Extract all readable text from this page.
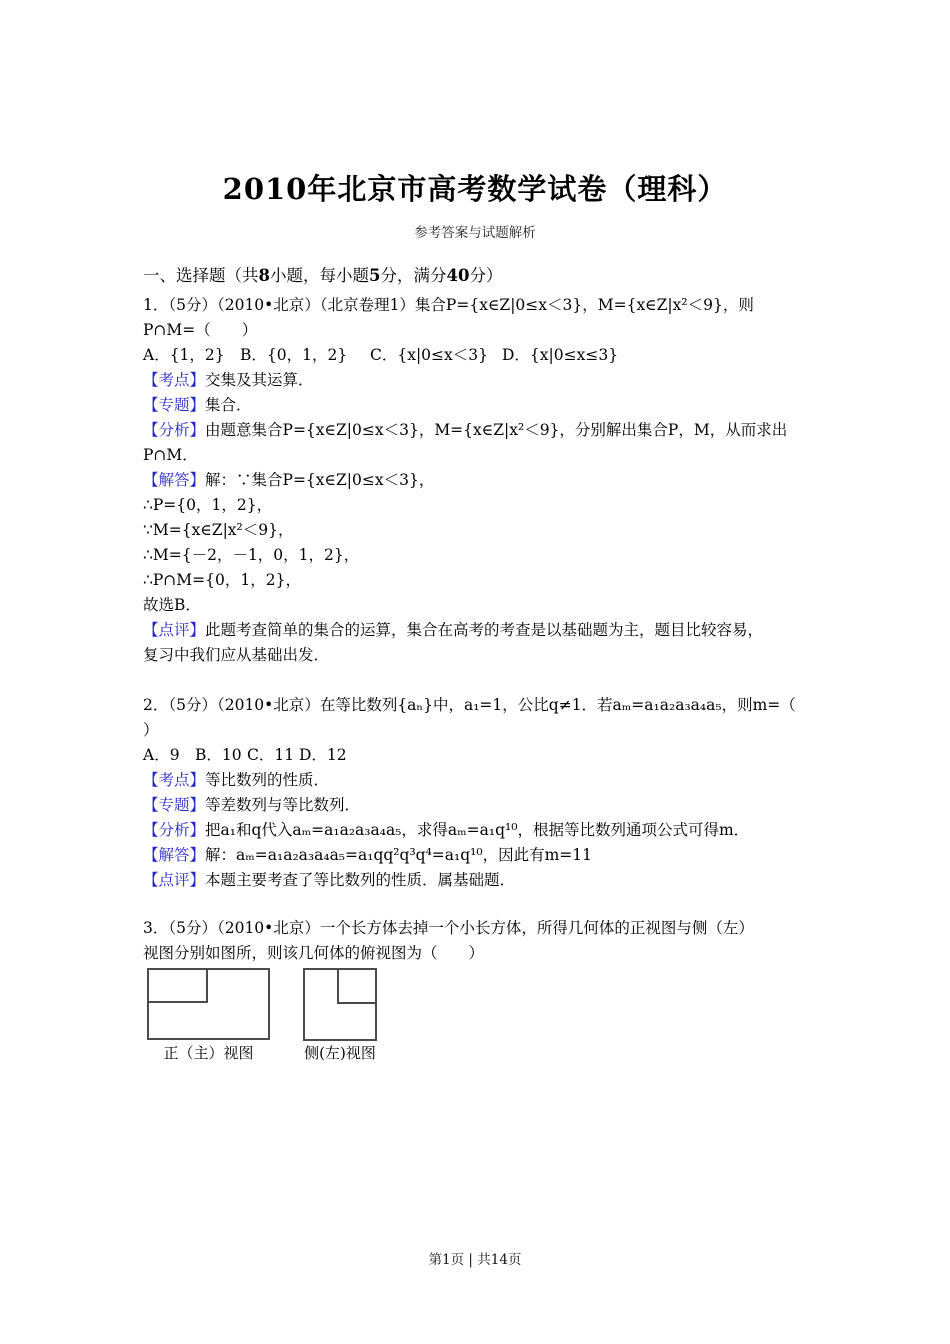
2010年北京市高考数学试卷（理科）
参考答案与试题解析
一、选择题（共8小题，每小题5分，满分40分）
1．（5分）（2010•北京）（北京卷理1）集合P={x∈Z|0≤x＜3}，M={x∈Z|x²＜9}，则
P∩M=（　　）
A．{1，2} B．{0，1，2} C．{x|0≤x＜3} D．{x|0≤x≤3}
【考点】交集及其运算．
【专题】集合．
【分析】由题意集合P={x∈Z|0≤x＜3}，M={x∈Z|x²＜9}，分别解出集合P，M，从而求出
P∩M．
【解答】解：∵集合P={x∈Z|0≤x＜3}，
∴P={0，1，2}，
∵M={x∈Z|x²＜9}，
∴M={－2，－1，0，1，2}，
∴P∩M={0，1，2}，
故选B．
【点评】此题考查简单的集合的运算，集合在高考的考查是以基础题为主，题目比较容易，
复习中我们应从基础出发．
2．（5分）（2010•北京）在等比数列{aₙ}中，a₁=1，公比q≠1．若aₘ=a₁a₂a₃a₄a₅，则m=（
）
A．9 B．10 C．11 D．12
【考点】等比数列的性质．
【专题】等差数列与等比数列．
【分析】把a₁和q代入aₘ=a₁a₂a₃a₄a₅，求得aₘ=a₁q¹⁰，根据等比数列通项公式可得m．
【解答】解：aₘ=a₁a₂a₃a₄a₅=a₁qq²q³q⁴=a₁q¹⁰，因此有m=11
【点评】本题主要考查了等比数列的性质．属基础题．
3．（5分）（2010•北京）一个长方体去掉一个小长方体，所得几何体的正视图与侧（左）
视图分别如图所，则该几何体的俯视图为（　　）
正（主）视图	侧(左)视图
第1页 | 共14页
